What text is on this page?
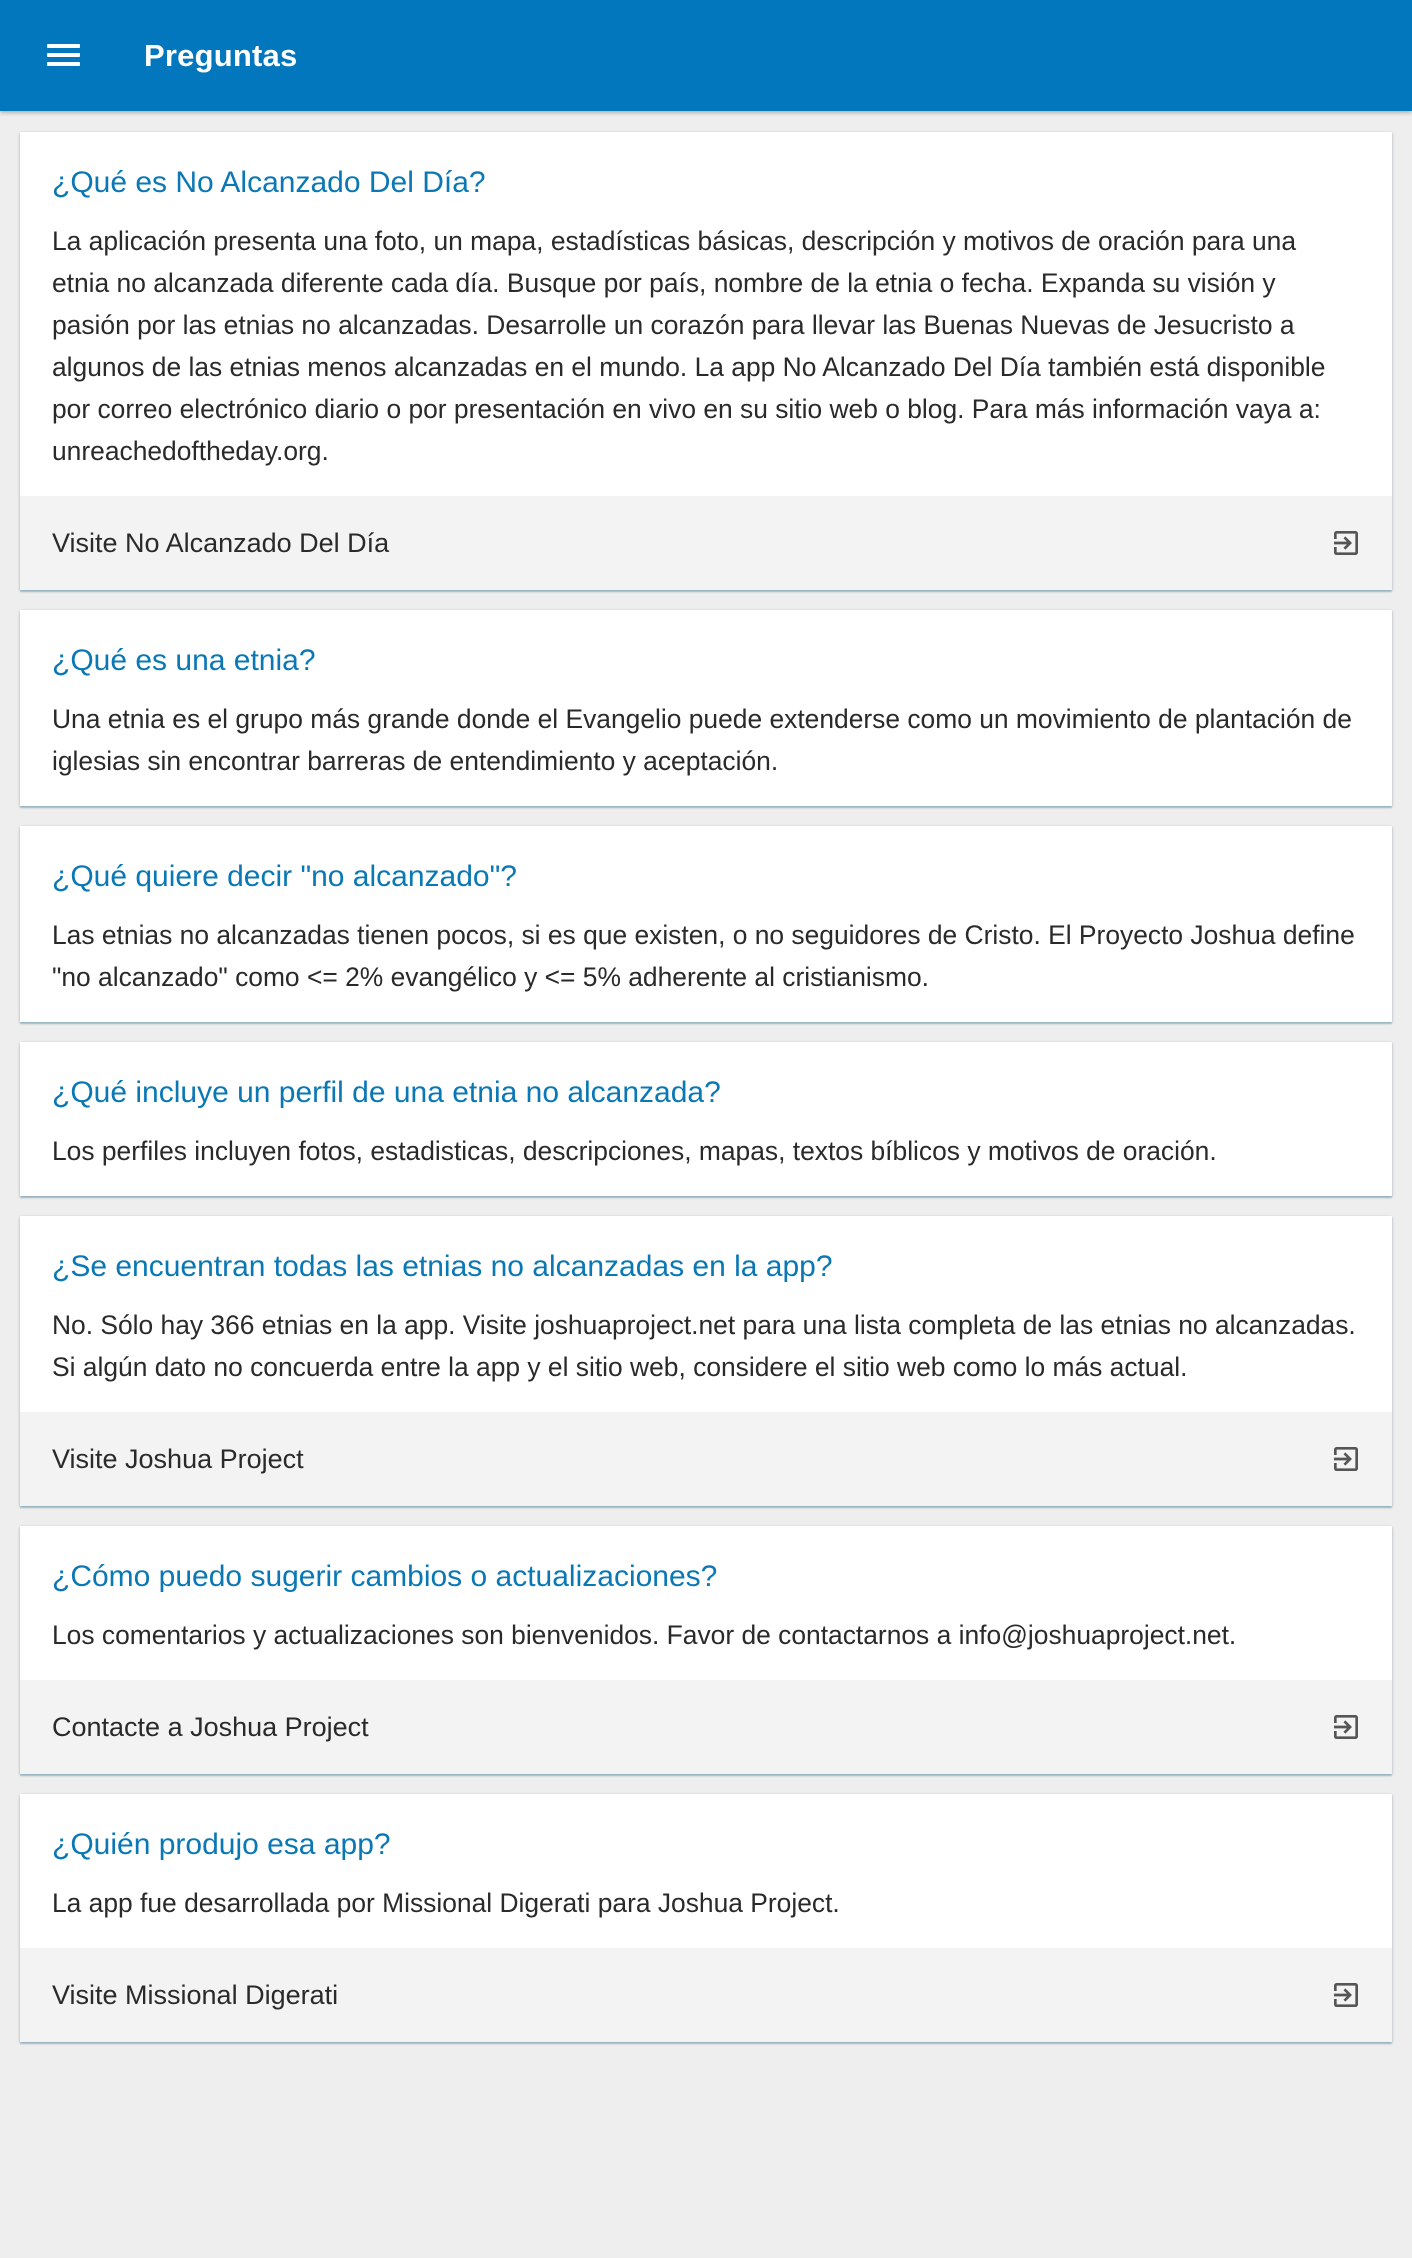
Preguntas
¿Qué es No Alcanzado Del Día?

La aplicación presenta una foto, un mapa, estadísticas básicas, descripción y motivos de oración para una etnia no alcanzada diferente cada día. Busque por país, nombre de la etnia o fecha. Expanda su visión y pasión por las etnias no alcanzadas. Desarrolle un corazón para llevar las Buenas Nuevas de Jesucristo a algunos de las etnias menos alcanzadas en el mundo. La app No Alcanzado Del Día también está disponible por correo electrónico diario o por presentación en vivo en su sitio web o blog. Para más información vaya a: unreachedoftheday.org.

Visite No Alcanzado Del Día
¿Qué es una etnia?

Una etnia es el grupo más grande donde el Evangelio puede extenderse como un movimiento de plantación de iglesias sin encontrar barreras de entendimiento y aceptación.

¿Qué quiere decir "no alcanzado"?

Las etnias no alcanzadas tienen pocos, si es que existen, o no seguidores de Cristo. El Proyecto Joshua define "no alcanzado" como <= 2% evangélico y <= 5% adherente al cristianismo.

¿Qué incluye un perfil de una etnia no alcanzada?

Los perfiles incluyen fotos, estadisticas, descripciones, mapas, textos bíblicos y motivos de oración.

¿Se encuentran todas las etnias no alcanzadas en la app?

No. Sólo hay 366 etnias en la app. Visite joshuaproject.net para una lista completa de las etnias no alcanzadas. Si algún dato no concuerda entre la app y el sitio web, considere el sitio web como lo más actual.

Visite Joshua Project
¿Cómo puedo sugerir cambios o actualizaciones?

Los comentarios y actualizaciones son bienvenidos. Favor de contactarnos a info@joshuaproject.net.

Contacte a Joshua Project
¿Quién produjo esa app?

La app fue desarrollada por Missional Digerati para Joshua Project.

Visite Missional Digerati
